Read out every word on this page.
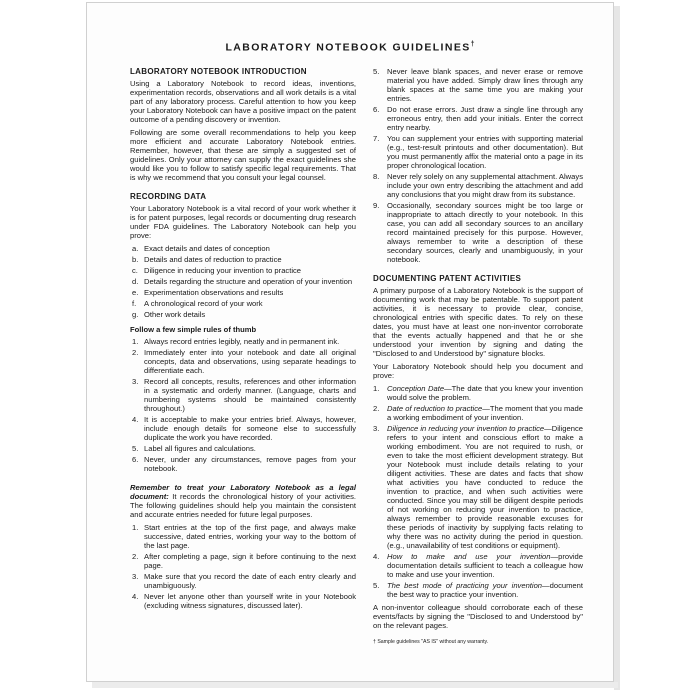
LABORATORY NOTEBOOK GUIDELINES†
LABORATORY NOTEBOOK INTRODUCTION

Using a Laboratory Notebook to record ideas, inventions, experimentation records, observations and all work details is a vital part of any laboratory process. Careful attention to how you keep your Laboratory Notebook can have a positive impact on the patent outcome of a pending discovery or invention.

Following are some overall recommendations to help you keep more efficient and accurate Laboratory Notebook entries. Remember, however, that these are simply a suggested set of guidelines. Only your attorney can supply the exact guidelines she would like you to follow to satisfy specific legal requirements. That is why we recommend that you consult your legal counsel.

RECORDING DATA

Your Laboratory Notebook is a vital record of your work whether it is for patent purposes, legal records or documenting drug research under FDA guidelines. The Laboratory Notebook can help you prove:

a. Exact details and dates of conception
b. Details and dates of reduction to practice
c. Diligence in reducing your invention to practice
d. Details regarding the structure and operation of your invention
e. Experimentation observations and results
f. A chronological record of your work
g. Other work details
Follow a few simple rules of thumb
1. Always record entries legibly, neatly and in permanent ink.
2. Immediately enter into your notebook and date all original concepts, data and observations, using separate headings to differentiate each.
3. Record all concepts, results, references and other information in a systematic and orderly manner. (Language, charts and numbering systems should be maintained consistently throughout.)
4. It is acceptable to make your entries brief. Always, however, include enough details for someone else to successfully duplicate the work you have recorded.
5. Label all figures and calculations.
6. Never, under any circumstances, remove pages from your notebook.

Remember to treat your Laboratory Notebook as a legal document: It records the chronological history of your activities. The following guidelines should help you maintain the consistent and accurate entries needed for future legal purposes.

1. Start entries at the top of the first page, and always make successive, dated entries, working your way to the bottom of the last page.
2. After completing a page, sign it before continuing to the next page.
3. Make sure that you record the date of each entry clearly and unambiguously.
4. Never let anyone other than yourself write in your Notebook (excluding witness signatures, discussed later).
5. Never leave blank spaces, and never erase or remove material you have added. Simply draw lines through any blank spaces at the same time you are making your entries.
6. Do not erase errors. Just draw a single line through any erroneous entry, then add your initials. Enter the correct entry nearby.
7. You can supplement your entries with supporting material (e.g., test-result printouts and other documentation). But you must permanently affix the material onto a page in its proper chronological location.
8. Never rely solely on any supplemental attachment. Always include your own entry describing the attachment and add any conclusions that you might draw from its substance.
9. Occasionally, secondary sources might be too large or inappropriate to attach directly to your notebook. In this case, you can add all secondary sources to an ancillary record maintained precisely for this purpose. However, always remember to write a description of these secondary sources, clearly and unambiguously, in your notebook.
DOCUMENTING PATENT ACTIVITIES

A primary purpose of a Laboratory Notebook is the support of documenting work that may be patentable. To support patent activities, it is necessary to provide clear, concise, chronological entries with specific dates. To rely on these dates, you must have at least one non-inventor corroborate that the events actually happened and that he or she understood your invention by signing and dating the "Disclosed to and Understood by" signature blocks.

Your Laboratory Notebook should help you document and prove:

1. Conception Date—The date that you knew your invention would solve the problem.
2. Date of reduction to practice—The moment that you made a working embodiment of your invention.
3. Diligence in reducing your invention to practice—Diligence refers to your intent and conscious effort to make a working embodiment. You are not required to rush, or even to take the most efficient development strategy. But your Notebook must include details relating to your diligent activities. These are dates and facts that show what activities you have conducted to reduce the invention to practice, and when such activities were conducted. Since you may still be diligent despite periods of not working on reducing your invention to practice, always remember to provide reasonable excuses for these periods of inactivity by supplying facts relating to why there was no activity during the period in question. (e.g., unavailability of test conditions or equipment).
4. How to make and use your invention—provide documentation details sufficient to teach a colleague how to make and use your invention.
5. The best mode of practicing your invention—document the best way to practice your invention.

A non-inventor colleague should corroborate each of these events/facts by signing the "Disclosed to and Understood by" on the relevant pages.

† Sample guidelines "AS IS" without any warranty.
